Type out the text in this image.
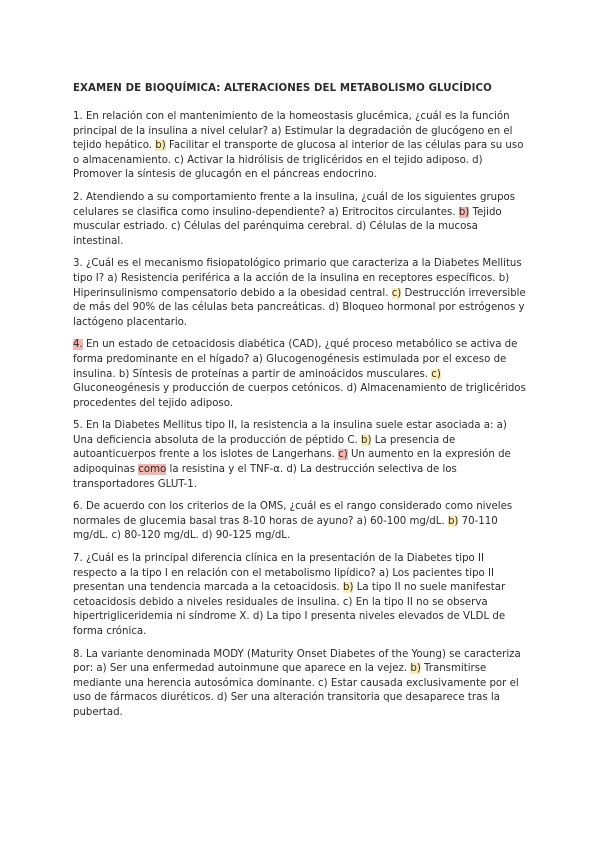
EXAMEN DE BIOQUÍMICA: ALTERACIONES DEL METABOLISMO GLUCÍDICO

1. En relación con el mantenimiento de la homeostasis glucémica, ¿cuál es la función principal de la insulina a nivel celular? a) Estimular la degradación de glucógeno en el tejido hepático. b) Facilitar el transporte de glucosa al interior de las células para su uso o almacenamiento. c) Activar la hidrólisis de triglicéridos en el tejido adiposo. d) Promover la síntesis de glucagón en el páncreas endocrino.

2. Atendiendo a su comportamiento frente a la insulina, ¿cuál de los siguientes grupos celulares se clasifica como insulino-dependiente? a) Eritrocitos circulantes. b) Tejido muscular estriado. c) Células del parénquima cerebral. d) Células de la mucosa intestinal.

3. ¿Cuál es el mecanismo fisiopatológico primario que caracteriza a la Diabetes Mellitus tipo I? a) Resistencia periférica a la acción de la insulina en receptores específicos. b) Hiperinsulinismo compensatorio debido a la obesidad central. c) Destrucción irreversible de más del 90% de las células beta pancreáticas. d) Bloqueo hormonal por estrógenos y lactógeno placentario.

4. En un estado de cetoacidosis diabética (CAD), ¿qué proceso metabólico se activa de forma predominante en el hígado? a) Glucogenogénesis estimulada por el exceso de insulina. b) Síntesis de proteínas a partir de aminoácidos musculares. c) Gluconeogénesis y producción de cuerpos cetónicos. d) Almacenamiento de triglicéridos procedentes del tejido adiposo.

5. En la Diabetes Mellitus tipo II, la resistencia a la insulina suele estar asociada a: a) Una deficiencia absoluta de la producción de péptido C. b) La presencia de autoanticuerpos frente a los islotes de Langerhans. c) Un aumento en la expresión de adipoquinas como la resistina y el TNF-α. d) La destrucción selectiva de los transportadores GLUT-1.

6. De acuerdo con los criterios de la OMS, ¿cuál es el rango considerado como niveles normales de glucemia basal tras 8-10 horas de ayuno? a) 60-100 mg/dL. b) 70-110 mg/dL. c) 80-120 mg/dL. d) 90-125 mg/dL.

7. ¿Cuál es la principal diferencia clínica en la presentación de la Diabetes tipo II respecto a la tipo I en relación con el metabolismo lipídico? a) Los pacientes tipo II presentan una tendencia marcada a la cetoacidosis. b) La tipo II no suele manifestar cetoacidosis debido a niveles residuales de insulina. c) En la tipo II no se observa hipertrigliceridemia ni síndrome X. d) La tipo I presenta niveles elevados de VLDL de forma crónica.

8. La variante denominada MODY (Maturity Onset Diabetes of the Young) se caracteriza por: a) Ser una enfermedad autoinmune que aparece en la vejez. b) Transmitirse mediante una herencia autosómica dominante. c) Estar causada exclusivamente por el uso de fármacos diuréticos. d) Ser una alteración transitoria que desaparece tras la pubertad.
